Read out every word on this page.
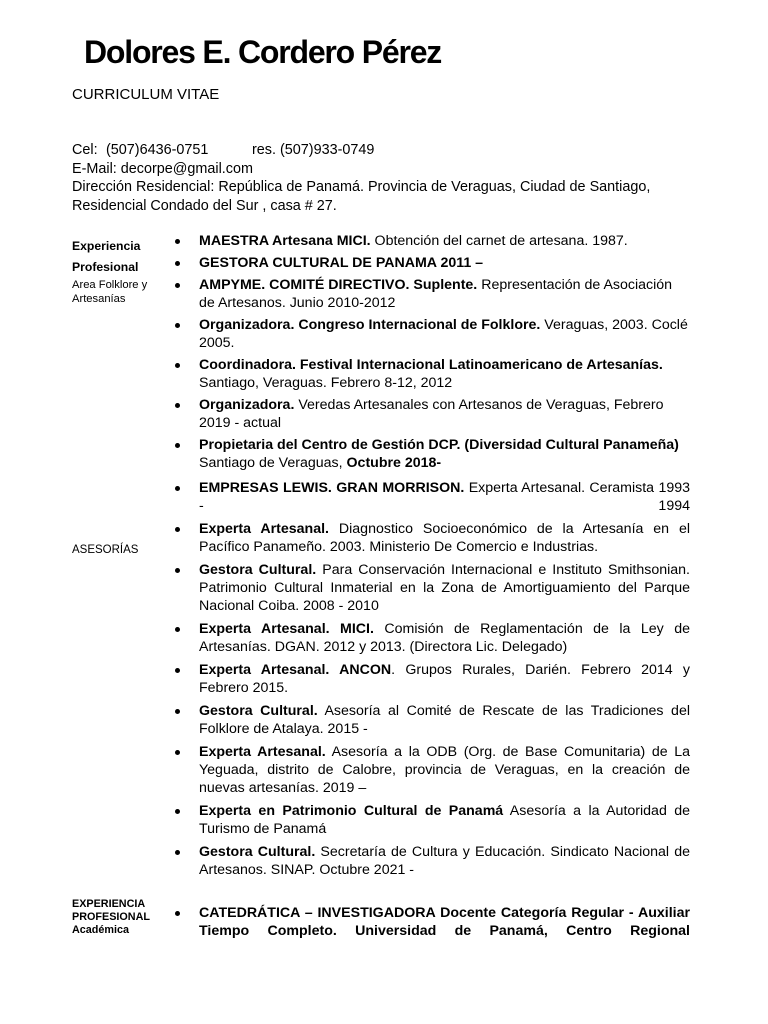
Dolores E. Cordero Pérez
CURRICULUM VITAE
Cel: (507)6436-0751	res. (507)933-0749
E-Mail: decorpe@gmail.com
Dirección Residencial: República de Panamá. Provincia de Veraguas, Ciudad de Santiago,
Residencial Condado del Sur , casa # 27.
Experiencia
Profesional
Area Folklore y
Artesanías
MAESTRA Artesana MICI. Obtención del carnet de artesana. 1987.
GESTORA CULTURAL DE PANAMA 2011 –
AMPYME. COMITÉ DIRECTIVO. Suplente. Representación de Asociación de Artesanos. Junio 2010-2012
Organizadora. Congreso Internacional de Folklore. Veraguas, 2003. Coclé 2005.
Coordinadora. Festival Internacional Latinoamericano de Artesanías. Santiago, Veraguas. Febrero 8-12, 2012
Organizadora. Veredas Artesanales con Artesanos de Veraguas, Febrero 2019 - actual
Propietaria del Centro de Gestión DCP. (Diversidad Cultural Panameña) Santiago de Veraguas, Octubre 2018-
ASESORÍAS
EMPRESAS LEWIS. GRAN MORRISON. Experta Artesanal. Ceramista 1993 - 1994
Experta Artesanal. Diagnostico Socioeconómico de la Artesanía en el Pacífico Panameño. 2003. Ministerio De Comercio e Industrias.
Gestora Cultural. Para Conservación Internacional e Instituto Smithsonian. Patrimonio Cultural Inmaterial en la Zona de Amortiguamiento del Parque Nacional Coiba. 2008 - 2010
Experta Artesanal. MICI. Comisión de Reglamentación de la Ley de Artesanías. DGAN. 2012 y 2013. (Directora Lic. Delegado)
Experta Artesanal. ANCON. Grupos Rurales, Darién. Febrero 2014 y Febrero 2015.
Gestora Cultural. Asesoría al Comité de Rescate de las Tradiciones del Folklore de Atalaya. 2015 -
Experta Artesanal. Asesoría a la ODB (Org. de Base Comunitaria) de La Yeguada, distrito de Calobre, provincia de Veraguas, en la creación de nuevas artesanías. 2019 –
Experta en Patrimonio Cultural de Panamá Asesoría a la Autoridad de Turismo de Panamá
Gestora Cultural. Secretaría de Cultura y Educación. Sindicato Nacional de Artesanos. SINAP. Octubre 2021 -
EXPERIENCIA
PROFESIONAL
Académica
CATEDRÁTICA – INVESTIGADORA Docente Categoría Regular - Auxiliar Tiempo Completo. Universidad de Panamá, Centro Regional
